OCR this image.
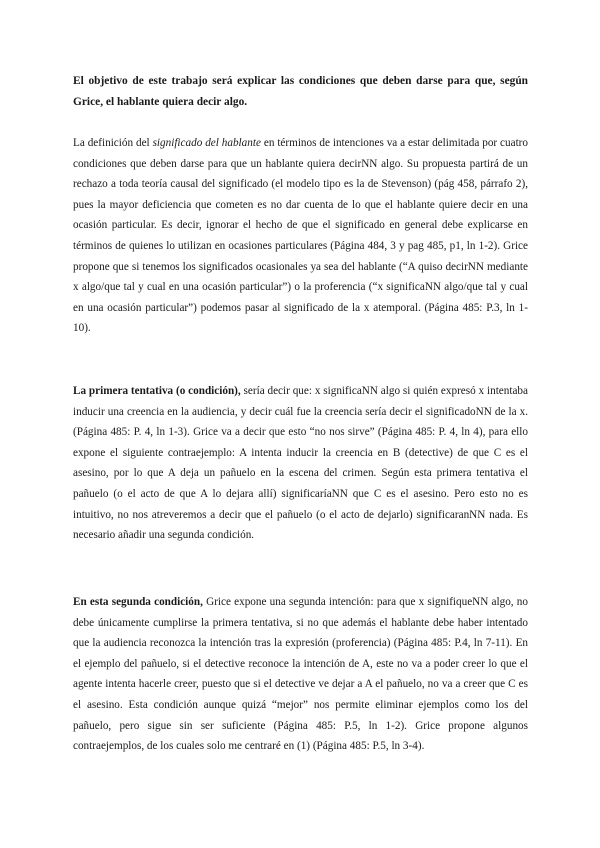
El objetivo de este trabajo será explicar las condiciones que deben darse para que, según Grice, el hablante quiera decir algo.

La definición del significado del hablante en términos de intenciones va a estar delimitada por cuatro condiciones que deben darse para que un hablante quiera decirNN algo. Su propuesta partirá de un rechazo a toda teoría causal del significado (el modelo tipo es la de Stevenson) (pág 458, párrafo 2), pues la mayor deficiencia que cometen es no dar cuenta de lo que el hablante quiere decir en una ocasión particular. Es decir, ignorar el hecho de que el significado en general debe explicarse en términos de quienes lo utilizan en ocasiones particulares (Página 484, 3 y pag 485, p1, ln 1-2). Grice propone que si tenemos los significados ocasionales ya sea del hablante (“A quiso decirNN mediante x algo/que tal y cual en una ocasión particular”) o la proferencia (“x significaNN algo/que tal y cual en una ocasión particular”) podemos pasar al significado de la x atemporal. (Página 485: P.3, ln 1-10).

La primera tentativa (o condición), sería decir que: x significaNN algo si quién expresó x intentaba inducir una creencia en la audiencia, y decir cuál fue la creencia sería decir el significadoNN de la x. (Página 485: P. 4, ln 1-3). Grice va a decir que esto “no nos sirve” (Página 485: P. 4, ln 4), para ello expone el siguiente contraejemplo: A intenta inducir la creencia en B (detective) de que C es el asesino, por lo que A deja un pañuelo en la escena del crimen. Según esta primera tentativa el pañuelo (o el acto de que A lo dejara allí) significaríaNN que C es el asesino. Pero esto no es intuitivo, no nos atreveremos a decir que el pañuelo (o el acto de dejarlo) significaranNN nada. Es necesario añadir una segunda condición.

En esta segunda condición, Grice expone una segunda intención: para que x signifiqueNN algo, no debe únicamente cumplirse la primera tentativa, si no que además el hablante debe haber intentado que la audiencia reconozca la intención tras la expresión (proferencia) (Página 485: P.4, ln 7-11). En el ejemplo del pañuelo, si el detective reconoce la intención de A, este no va a poder creer lo que el agente intenta hacerle creer, puesto que si el detective ve dejar a A el pañuelo, no va a creer que C es el asesino. Esta condición aunque quizá “mejor” nos permite eliminar ejemplos como los del pañuelo, pero sigue sin ser suficiente (Página 485: P.5, ln 1-2). Grice propone algunos contraejemplos, de los cuales solo me centraré en (1) (Página 485: P.5, ln 3-4).
